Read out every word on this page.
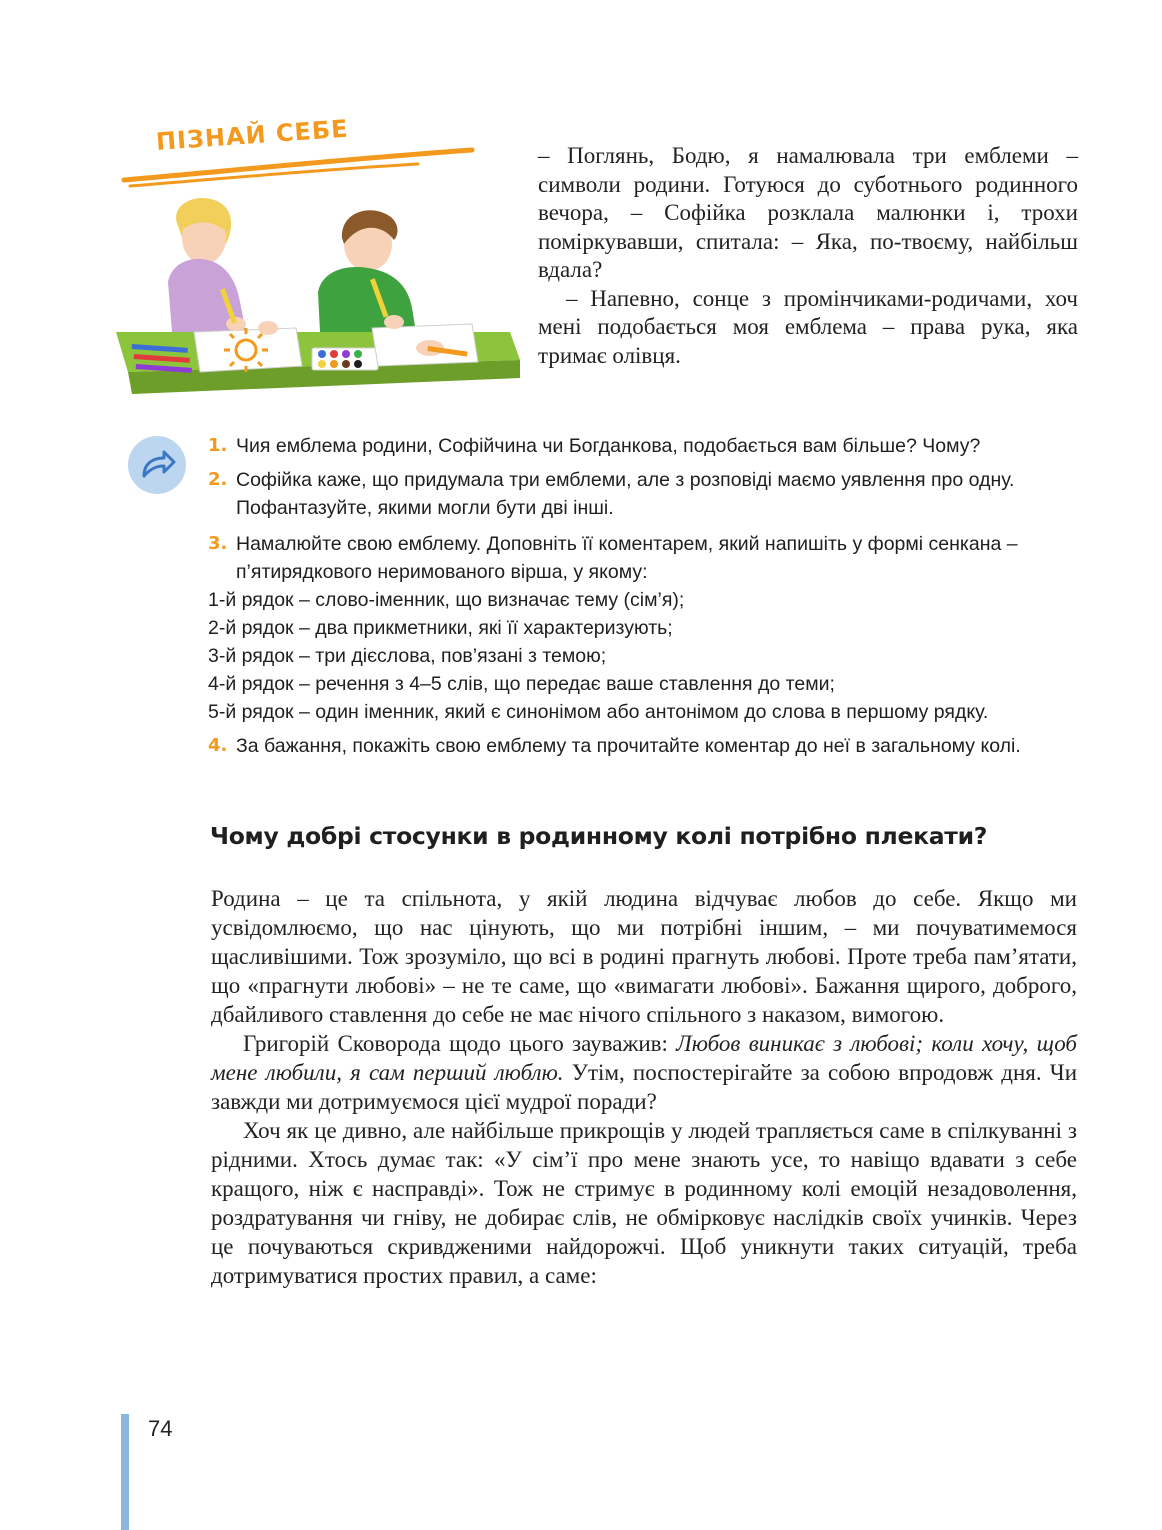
ПІЗНАЙ СЕБЕ	– Поглянь, Бодю, я намалювала три емблеми – символи родини. Готуюся до суботнього родинного вечора, – Софійка розклала малюнки і, трохи поміркувавши, спитала: – Яка, по-твоєму, найбільш вдала?

– Напевно, сонце з промінчиками-родичами, хоч мені подобається моя емблема – права рука, яка тримає олівця.

1. Чия емблема родини, Софійчина чи Богданкова, подобається вам більше? Чому?
2. Софійка каже, що придумала три емблеми, але з розповіді маємо уявлення про одну. Пофантазуйте, якими могли бути дві інші.
3. Намалюйте свою емблему. Доповніть її коментарем, який напишіть у формі сенкана – п’ятирядкового неримованого вірша, у якому:
1-й рядок – слово-іменник, що визначає тему (сім’я);
2-й рядок – два прикметники, які її характеризують;
3-й рядок – три дієслова, пов’язані з темою;
4-й рядок – речення з 4–5 слів, що передає ваше ставлення до теми;
5-й рядок – один іменник, який є синонімом або антонімом до слова в першому рядку.
4. За бажання, покажіть свою емблему та прочитайте коментар до неї в загальному колі.
Чому добрі стосунки в родинному колі потрібно плекати?

Родина – це та спільнота, у якій людина відчуває любов до себе. Якщо ми усвідомлюємо, що нас цінують, що ми потрібні іншим, – ми почуватимемося щасливішими. Тож зрозуміло, що всі в родині прагнуть любові. Проте треба пам’ятати, що «прагнути любові» – не те саме, що «вимагати любові». Бажання щирого, доброго, дбайливого ставлення до себе не має нічого спільного з наказом, вимогою.

Григорій Сковорода щодо цього зауважив: Любов виникає з любові; коли хочу, щоб мене любили, я сам перший люблю. Утім, поспостерігайте за собою впродовж дня. Чи завжди ми дотримуємося цієї мудрої поради?

Хоч як це дивно, але найбільше прикрощів у людей трапляється саме в спілкуванні з рідними. Хтось думає так: «У сім’ї про мене знають усе, то навіщо вдавати з себе кращого, ніж є насправді». Тож не стримує в родинному колі емоцій незадоволення, роздратування чи гніву, не добирає слів, не обмірковує наслідків своїх учинків. Через це почуваються скривдженими найдорожчі. Щоб уникнути таких ситуацій, треба дотримуватися простих правил, а саме:

74
